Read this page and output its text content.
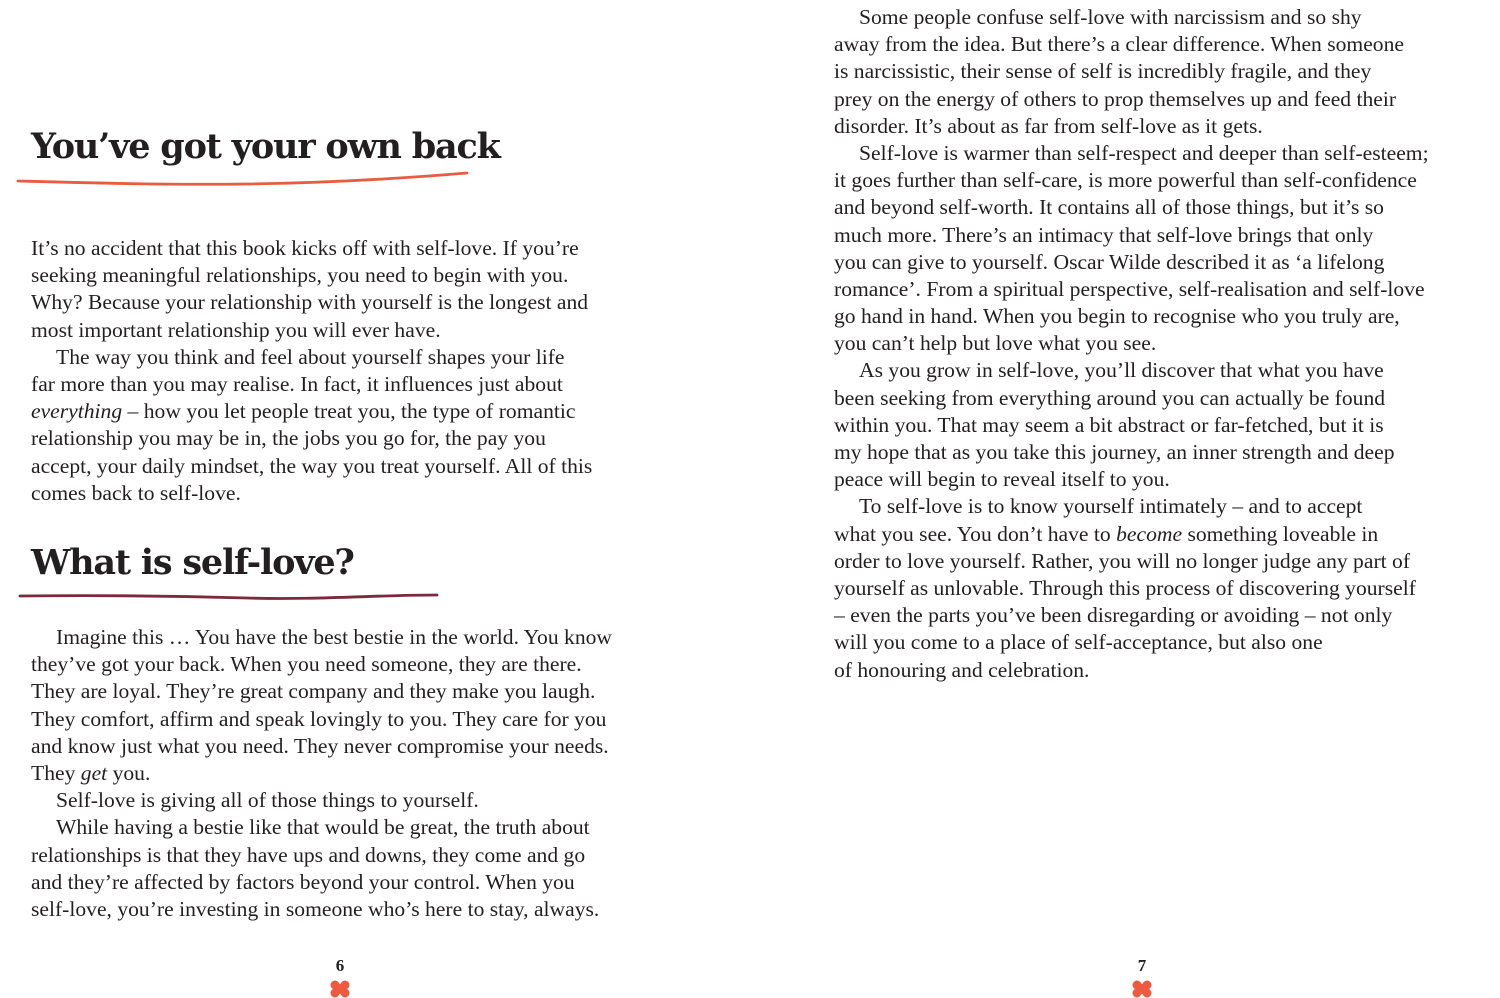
You’ve got your own back
It’s no accident that this book kicks off with self-love. If you’re
seeking meaningful relationships, you need to begin with you.
Why? Because your relationship with yourself is the longest and
most important relationship you will ever have.
The way you think and feel about yourself shapes your life
far more than you may realise. In fact, it influences just about
everything – how you let people treat you, the type of romantic
relationship you may be in, the jobs you go for, the pay you
accept, your daily mindset, the way you treat yourself. All of this
comes back to self-love.
What is self-love?
Imagine this … You have the best bestie in the world. You know
they’ve got your back. When you need someone, they are there.
They are loyal. They’re great company and they make you laugh.
They comfort, affirm and speak lovingly to you. They care for you
and know just what you need. They never compromise your needs.
They get you.
Self-love is giving all of those things to yourself.
While having a bestie like that would be great, the truth about
relationships is that they have ups and downs, they come and go
and they’re affected by factors beyond your control. When you
self-love, you’re investing in someone who’s here to stay, always.
6
Some people confuse self-love with narcissism and so shy
away from the idea. But there’s a clear difference. When someone
is narcissistic, their sense of self is incredibly fragile, and they
prey on the energy of others to prop themselves up and feed their
disorder. It’s about as far from self-love as it gets.
Self-love is warmer than self-respect and deeper than self-esteem;
it goes further than self-care, is more powerful than self-confidence
and beyond self-worth. It contains all of those things, but it’s so
much more. There’s an intimacy that self-love brings that only
you can give to yourself. Oscar Wilde described it as ‘a lifelong
romance’. From a spiritual perspective, self-realisation and self-love
go hand in hand. When you begin to recognise who you truly are,
you can’t help but love what you see.
As you grow in self-love, you’ll discover that what you have
been seeking from everything around you can actually be found
within you. That may seem a bit abstract or far-fetched, but it is
my hope that as you take this journey, an inner strength and deep
peace will begin to reveal itself to you.
To self-love is to know yourself intimately – and to accept
what you see. You don’t have to become something loveable in
order to love yourself. Rather, you will no longer judge any part of
yourself as unlovable. Through this process of discovering yourself
– even the parts you’ve been disregarding or avoiding – not only
will you come to a place of self-acceptance, but also one
of honouring and celebration.
7
